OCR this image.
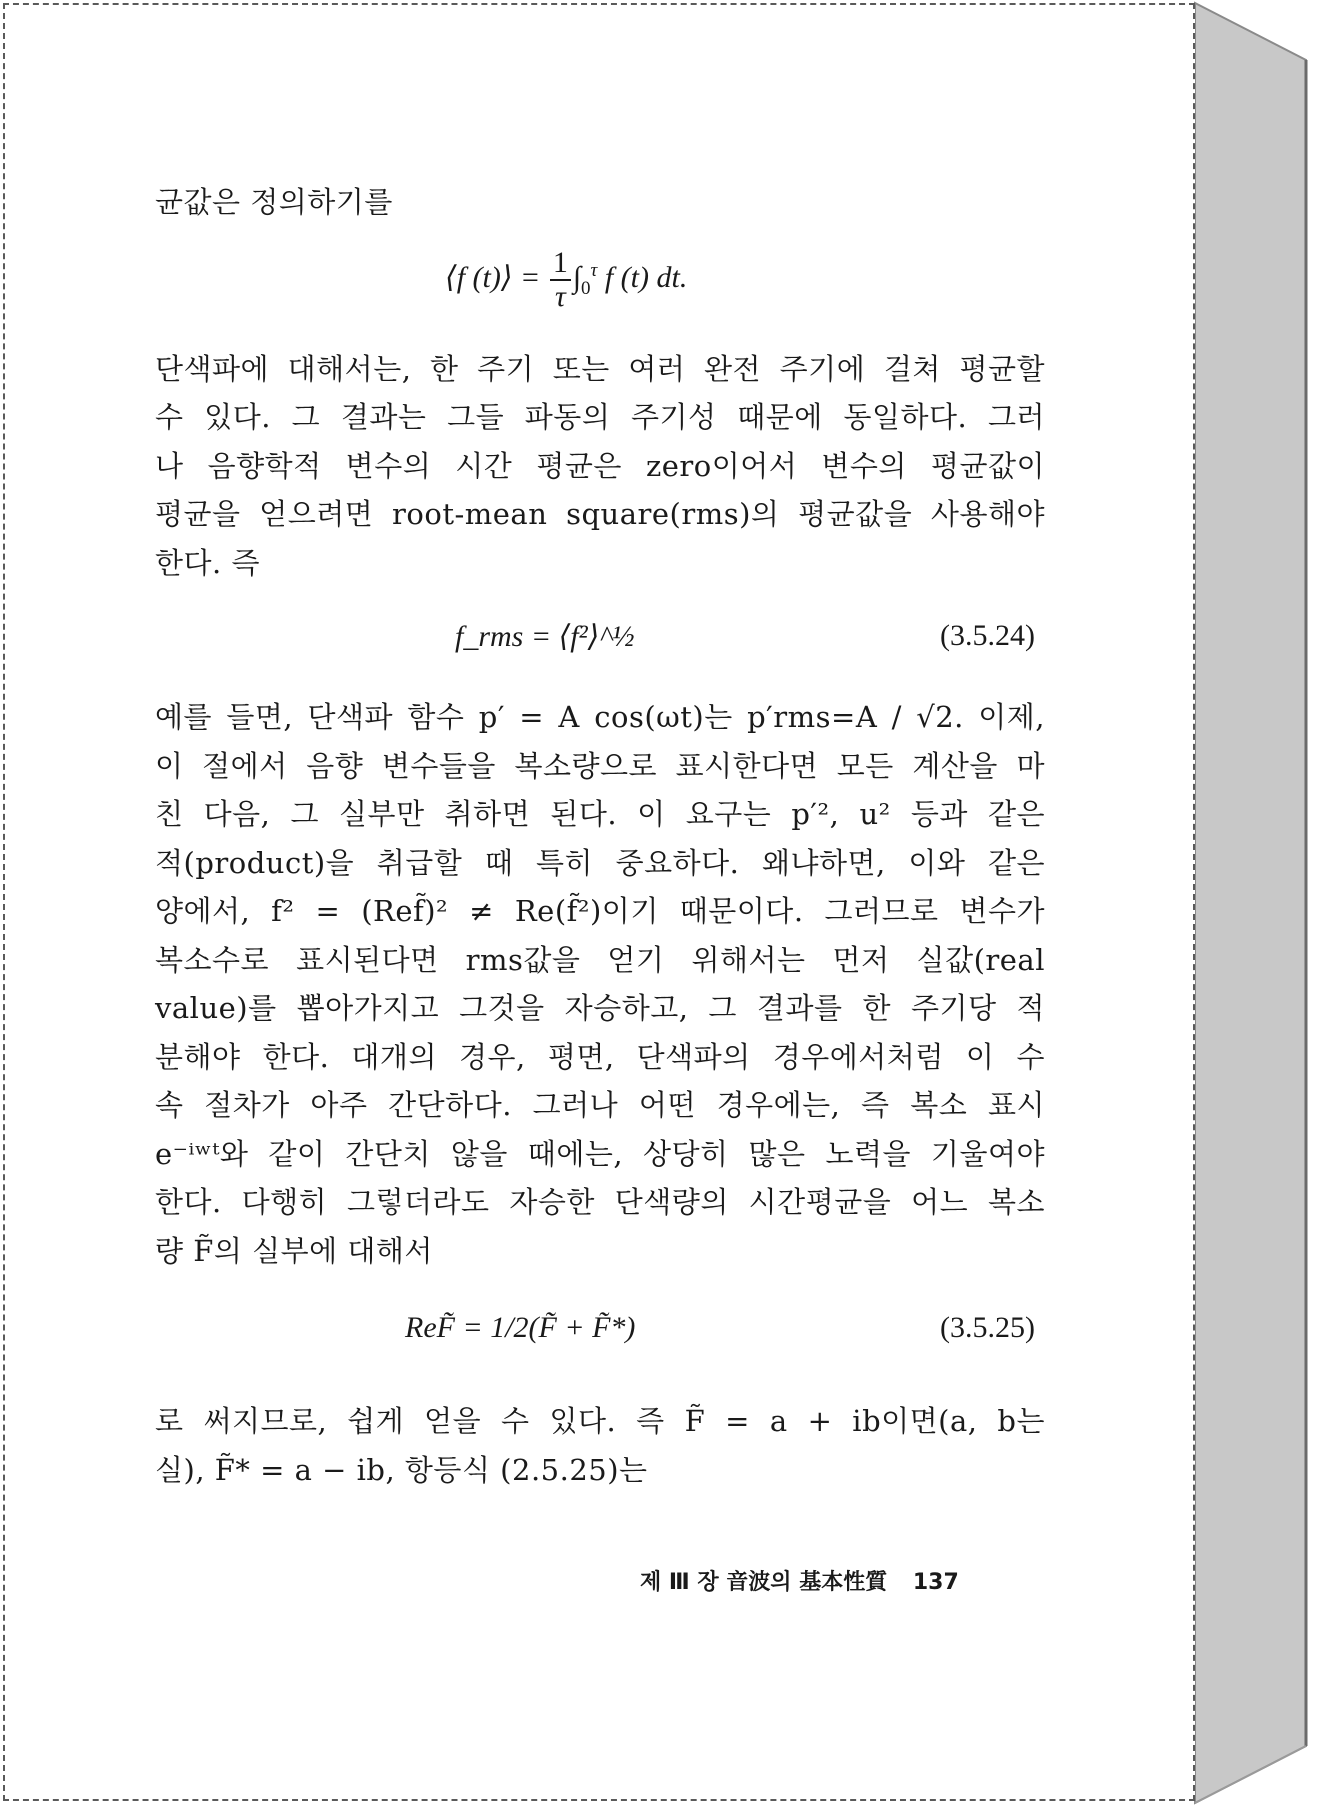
균값은 정의하기를

⟨f (t)⟩ = $\frac{1}{\tau} \int_0^\tau$ f (t) dt.

단색파에 대해서는, 한 주기 또는 여러 완전 주기에 걸쳐 평균할
수 있다. 그 결과는 그들 파동의 주기성 때문에 동일하다. 그러
나 음향학적 변수의 시간 평균은 zero이어서 변수의 평균값이
평균을 얻으려면 root-mean square(rms)의 평균값을 사용해야
한다. 즉

f_rms = ⟨f²⟩^½	(3.5.24)

예를 들면, 단색파 함수 p′ = A cos(ωt)는 p′rms=A / √2. 이제,
이 절에서 음향 변수들을 복소량으로 표시한다면 모든 계산을 마
친 다음, 그 실부만 취하면 된다. 이 요구는 p′², u² 등과 같은
적(product)을 취급할 때 특히 중요하다. 왜냐하면, 이와 같은
양에서, f² = (Ref̃)² ≠ Re(f̃²)이기 때문이다. 그러므로 변수가
복소수로 표시된다면 rms값을 얻기 위해서는 먼저 실값(real
value)를 뽑아가지고 그것을 자승하고, 그 결과를 한 주기당 적
분해야 한다. 대개의 경우, 평면, 단색파의 경우에서처럼 이 수
속 절차가 아주 간단하다. 그러나 어떤 경우에는, 즉 복소 표시
e⁻ⁱʷᵗ와 같이 간단치 않을 때에는, 상당히 많은 노력을 기울여야
한다. 다행히 그렇더라도 자승한 단색량의 시간평균을 어느 복소
량 F̃의 실부에 대해서

ReF̃ = 1/2(F̃ + F̃*)	(3.5.25)

로 써지므로, 쉽게 얻을 수 있다. 즉 F̃ = a + ib이면(a, b는
실), F̃* = a − ib, 항등식 (2.5.25)는

제 Ⅲ 장 音波의 基本性質 137
